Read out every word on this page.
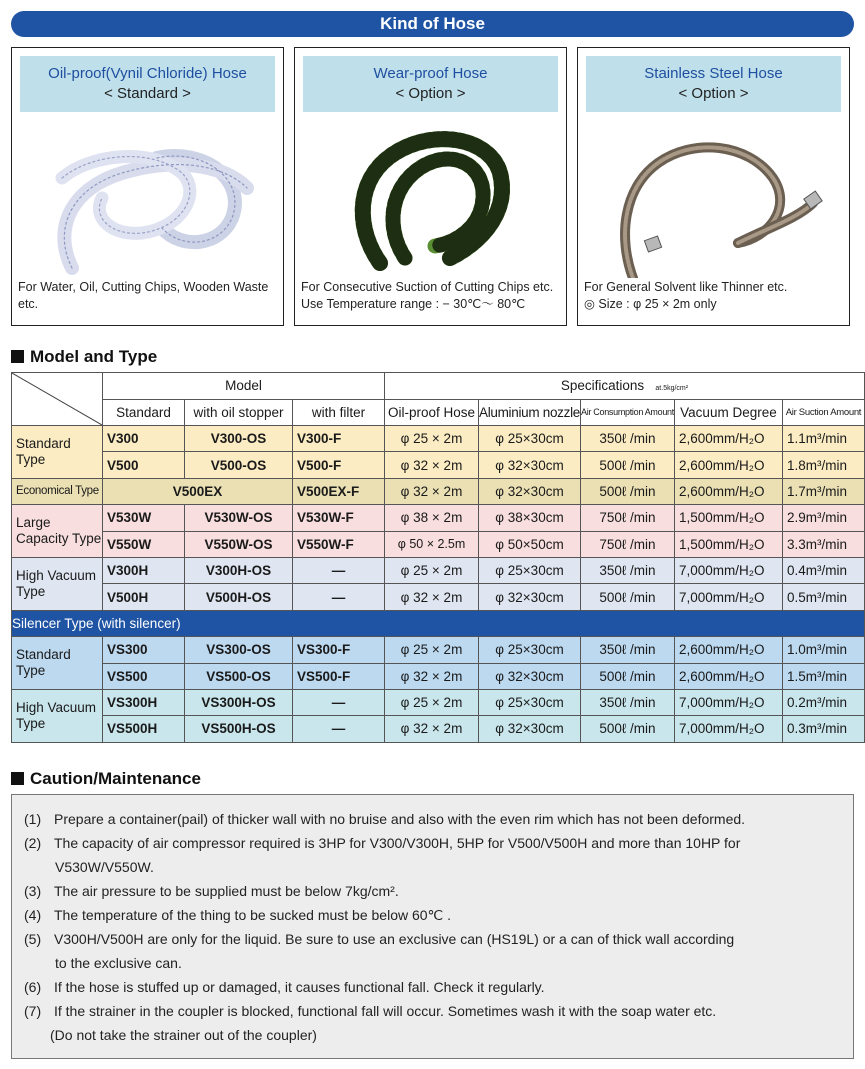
Kind of Hose
Oil-proof(Vynil Chloride) Hose
< Standard >
For Water, Oil, Cutting Chips, Wooden Waste
etc.
Wear-proof Hose
< Option >
For Consecutive Suction of Cutting Chips etc.
Use Temperature range : − 30℃～ 80℃
Stainless Steel Hose
< Option >
For General Solvent like Thinner etc.
◎ Size : φ 25 × 2m only
Model and Type
	Model			Specifications at.5kg/cm²				
	Standard	with oil stopper	with filter	Oil-proof Hose	Aluminium nozzle	Air Consumption Amount	Vacuum Degree	Air Suction Amount
Standard Type	V300	V300-OS	V300-F	φ 25 × 2m	φ 25×30cm	350ℓ /min	2,600mm/H₂O	1.1m³/min
	V500	V500-OS	V500-F	φ 32 × 2m	φ 32×30cm	500ℓ /min	2,600mm/H₂O	1.8m³/min
Economical Type	V500EX		V500EX-F	φ 32 × 2m	φ 32×30cm	500ℓ /min	2,600mm/H₂O	1.7m³/min
Large Capacity Type	V530W	V530W-OS	V530W-F	φ 38 × 2m	φ 38×30cm	750ℓ /min	1,500mm/H₂O	2.9m³/min
	V550W	V550W-OS	V550W-F	φ 50 × 2.5m	φ 50×50cm	750ℓ /min	1,500mm/H₂O	3.3m³/min
High Vacuum Type	V300H	V300H-OS	—	φ 25 × 2m	φ 25×30cm	350ℓ /min	7,000mm/H₂O	0.4m³/min
	V500H	V500H-OS	—	φ 32 × 2m	φ 32×30cm	500ℓ /min	7,000mm/H₂O	0.5m³/min
Silencer Type (with silencer)								
Standard Type	VS300	VS300-OS	VS300-F	φ 25 × 2m	φ 25×30cm	350ℓ /min	2,600mm/H₂O	1.0m³/min
	VS500	VS500-OS	VS500-F	φ 32 × 2m	φ 32×30cm	500ℓ /min	2,600mm/H₂O	1.5m³/min
High Vacuum Type	VS300H	VS300H-OS	—	φ 25 × 2m	φ 25×30cm	350ℓ /min	7,000mm/H₂O	0.2m³/min
	VS500H	VS500H-OS	—	φ 32 × 2m	φ 32×30cm	500ℓ /min	7,000mm/H₂O	0.3m³/min
Caution/Maintenance
(1) Prepare a container(pail) of thicker wall with no bruise and also with the even rim which has not been deformed.
(2) The capacity of air compressor required is 3HP for V300/V300H, 5HP for V500/V500H and more than 10HP for
V530W/V550W.
(3) The air pressure to be supplied must be below 7kg/cm².
(4) The temperature of the thing to be sucked must be below 60℃ .
(5) V300H/V500H are only for the liquid. Be sure to use an exclusive can (HS19L) or a can of thick wall according
to the exclusive can.
(6) If the hose is stuffed up or damaged, it causes functional fall. Check it regularly.
(7) If the strainer in the coupler is blocked, functional fall will occur. Sometimes wash it with the soap water etc.
(Do not take the strainer out of the coupler)
